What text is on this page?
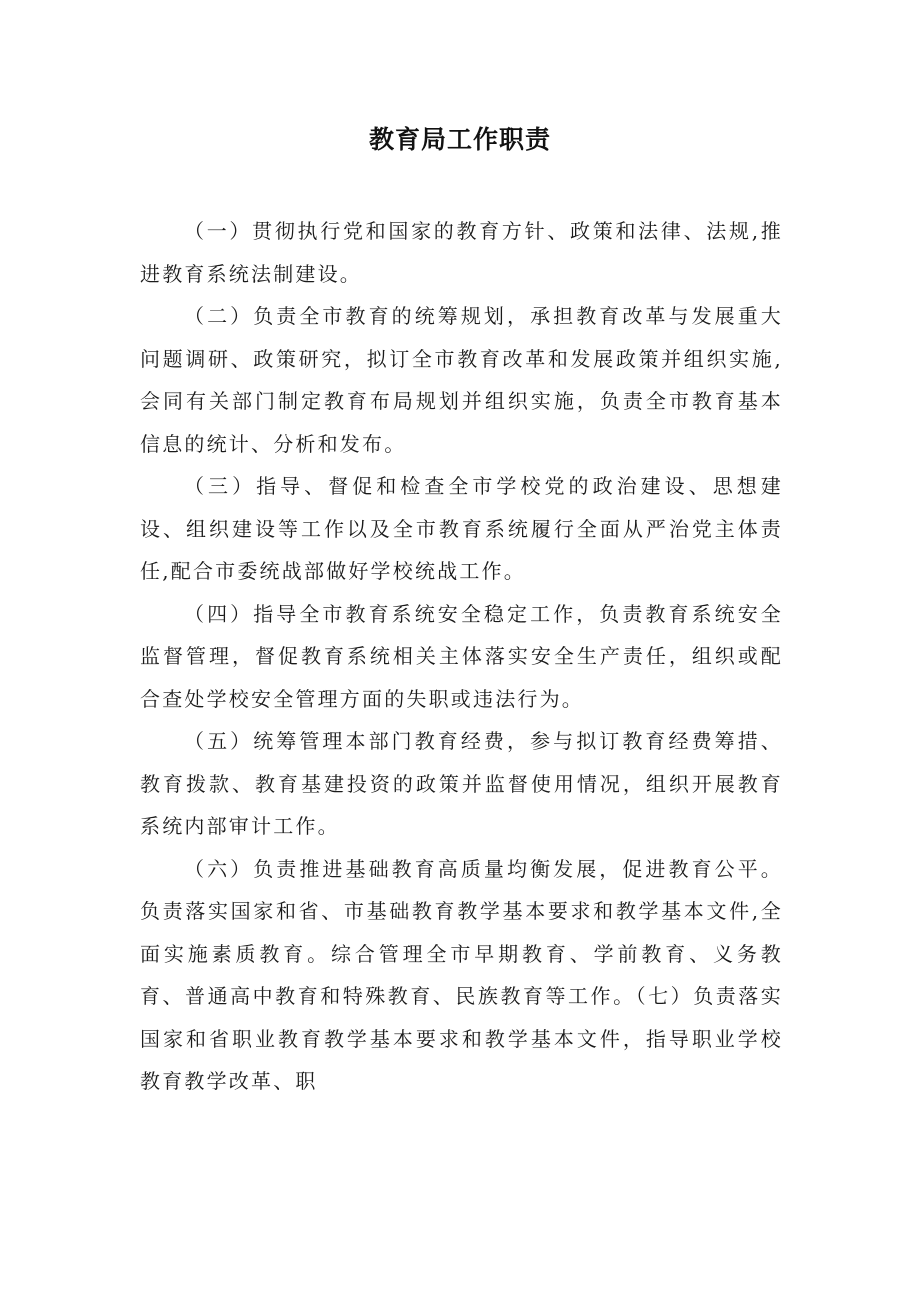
教育局工作职责

（一）贯彻执行党和国家的教育方针、政策和法律、法规,推进教育系统法制建设。

（二）负责全市教育的统筹规划，承担教育改革与发展重大问题调研、政策研究，拟订全市教育改革和发展政策并组织实施,会同有关部门制定教育布局规划并组织实施，负责全市教育基本信息的统计、分析和发布。

（三）指导、督促和检查全市学校党的政治建设、思想建设、组织建设等工作以及全市教育系统履行全面从严治党主体责任,配合市委统战部做好学校统战工作。

（四）指导全市教育系统安全稳定工作，负责教育系统安全监督管理，督促教育系统相关主体落实安全生产责任，组织或配合查处学校安全管理方面的失职或违法行为。

（五）统筹管理本部门教育经费，参与拟订教育经费筹措、教育拨款、教育基建投资的政策并监督使用情况，组织开展教育系统内部审计工作。

（六）负责推进基础教育高质量均衡发展，促进教育公平。负责落实国家和省、市基础教育教学基本要求和教学基本文件,全面实施素质教育。综合管理全市早期教育、学前教育、义务教育、普通高中教育和特殊教育、民族教育等工作。（七）负责落实国家和省职业教育教学基本要求和教学基本文件，指导职业学校教育教学改革、职
